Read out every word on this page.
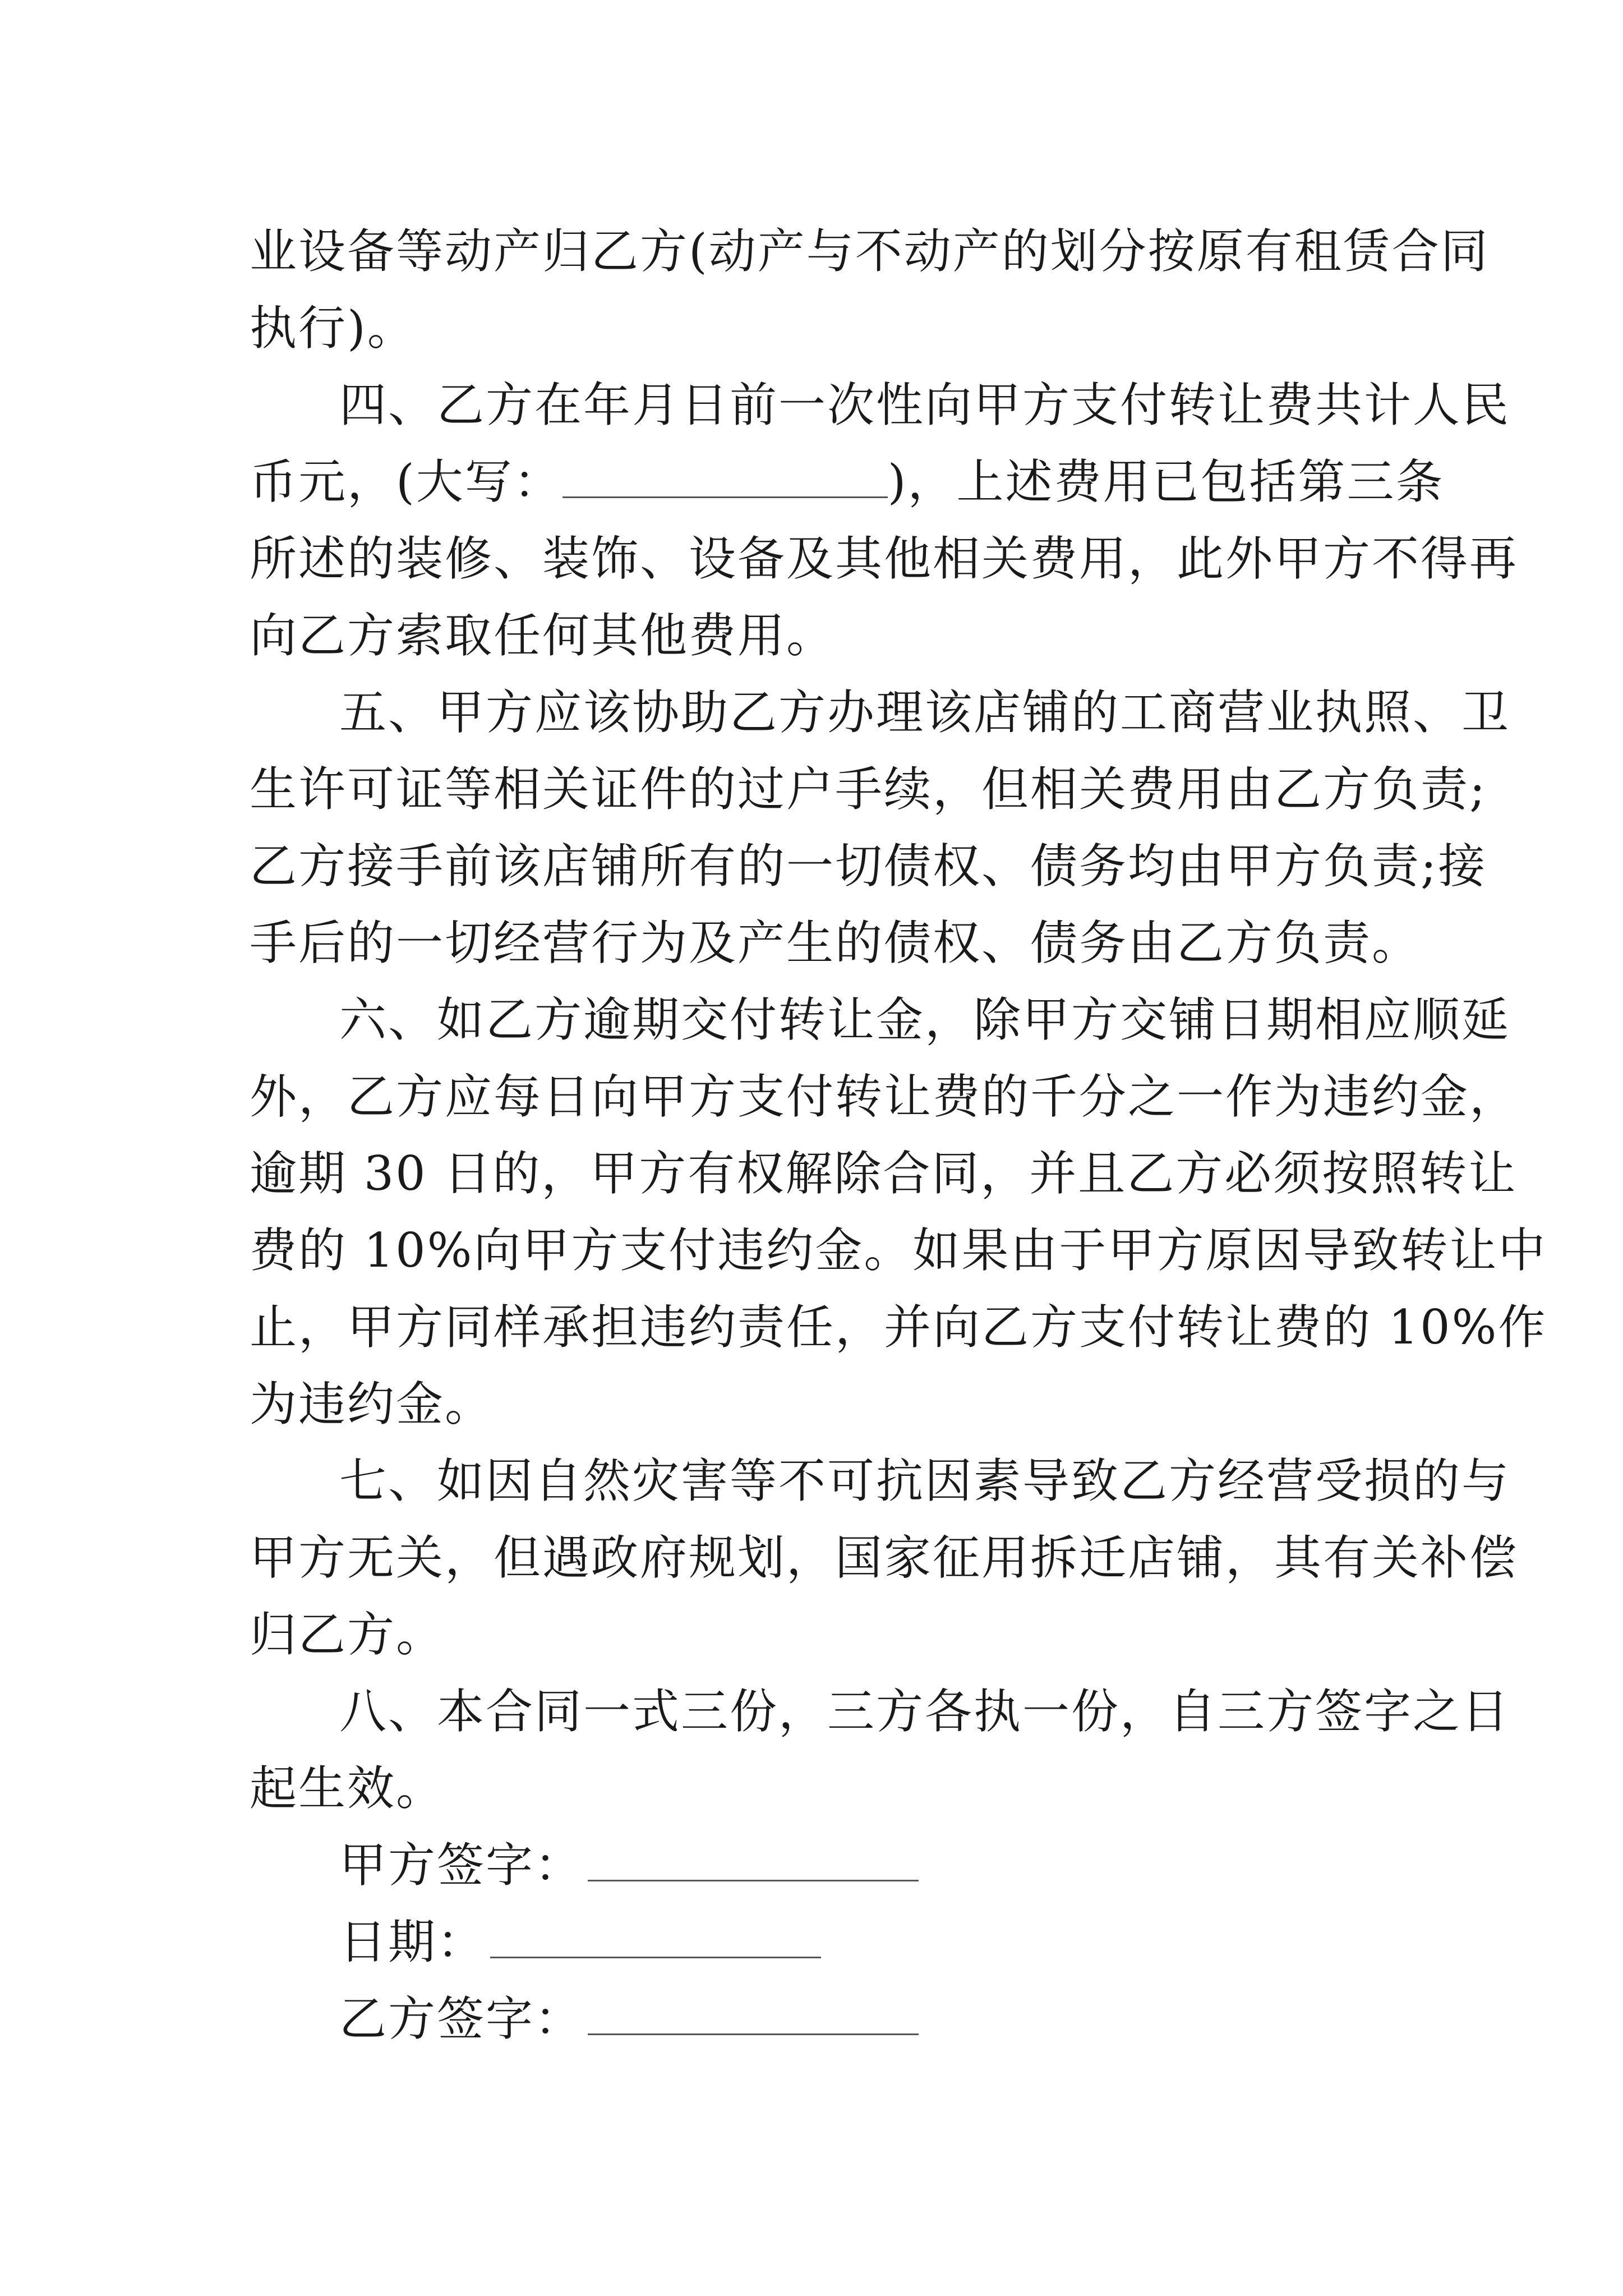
业设备等动产归乙方(动产与不动产的划分按原有租赁合同
执行)。
四、乙方在年月日前一次性向甲方支付转让费共计人民
币元，(大写：	)，上述费用已包括第三条
所述的装修、装饰、设备及其他相关费用，此外甲方不得再
向乙方索取任何其他费用。
五、甲方应该协助乙方办理该店铺的工商营业执照、卫
生许可证等相关证件的过户手续，但相关费用由乙方负责;
乙方接手前该店铺所有的一切债权、债务均由甲方负责;接
手后的一切经营行为及产生的债权、债务由乙方负责。
六、如乙方逾期交付转让金，除甲方交铺日期相应顺延
外，乙方应每日向甲方支付转让费的千分之一作为违约金，
逾期 30 日的，甲方有权解除合同，并且乙方必须按照转让
费的 10%向甲方支付违约金。如果由于甲方原因导致转让中
止，甲方同样承担违约责任，并向乙方支付转让费的 10%作
为违约金。
七、如因自然灾害等不可抗因素导致乙方经营受损的与
甲方无关，但遇政府规划，国家征用拆迁店铺，其有关补偿
归乙方。
八、本合同一式三份，三方各执一份，自三方签字之日
起生效。
甲方签字：
日期：
乙方签字：
